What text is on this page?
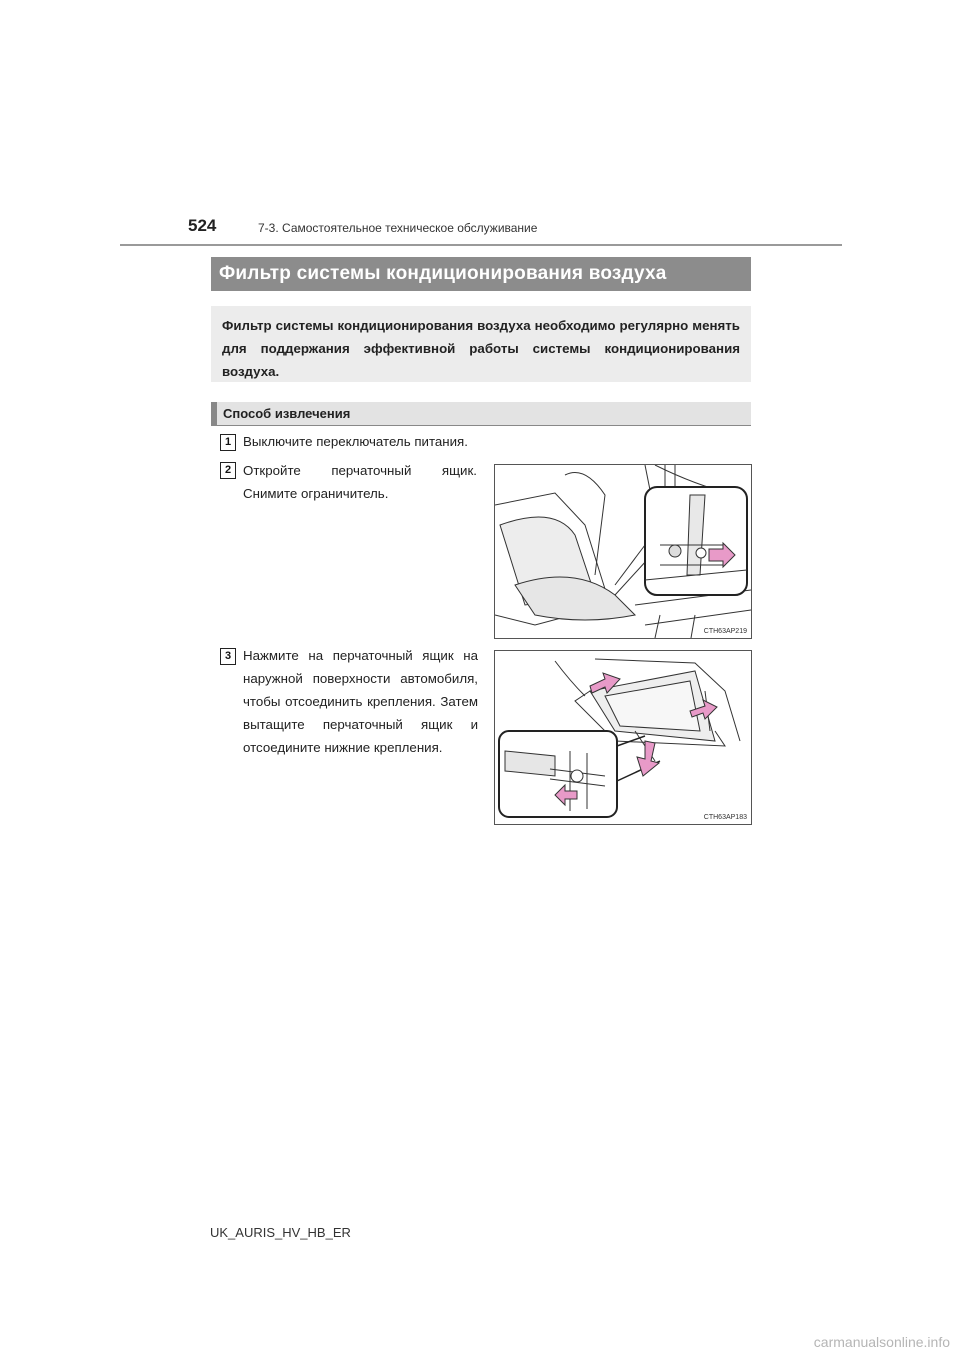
524	7-3. Самостоятельное техническое обслуживание
Фильтр системы кондиционирования воздуха
Фильтр системы кондиционирования воздуха необходимо регулярно менять для поддержания эффективной работы системы кондиционирования воздуха.
Способ извлечения
1 Выключите переключатель питания.
2 Откройте перчаточный ящик. Снимите ограничитель.
CTH63AP219
3 Нажмите на перчаточный ящик на наружной поверхности автомобиля, чтобы отсоединить крепления. Затем вытащите перчаточный ящик и отсоедините нижние крепления.
CTH63AP183
UK_AURIS_HV_HB_ER
carmanualsonline.info
